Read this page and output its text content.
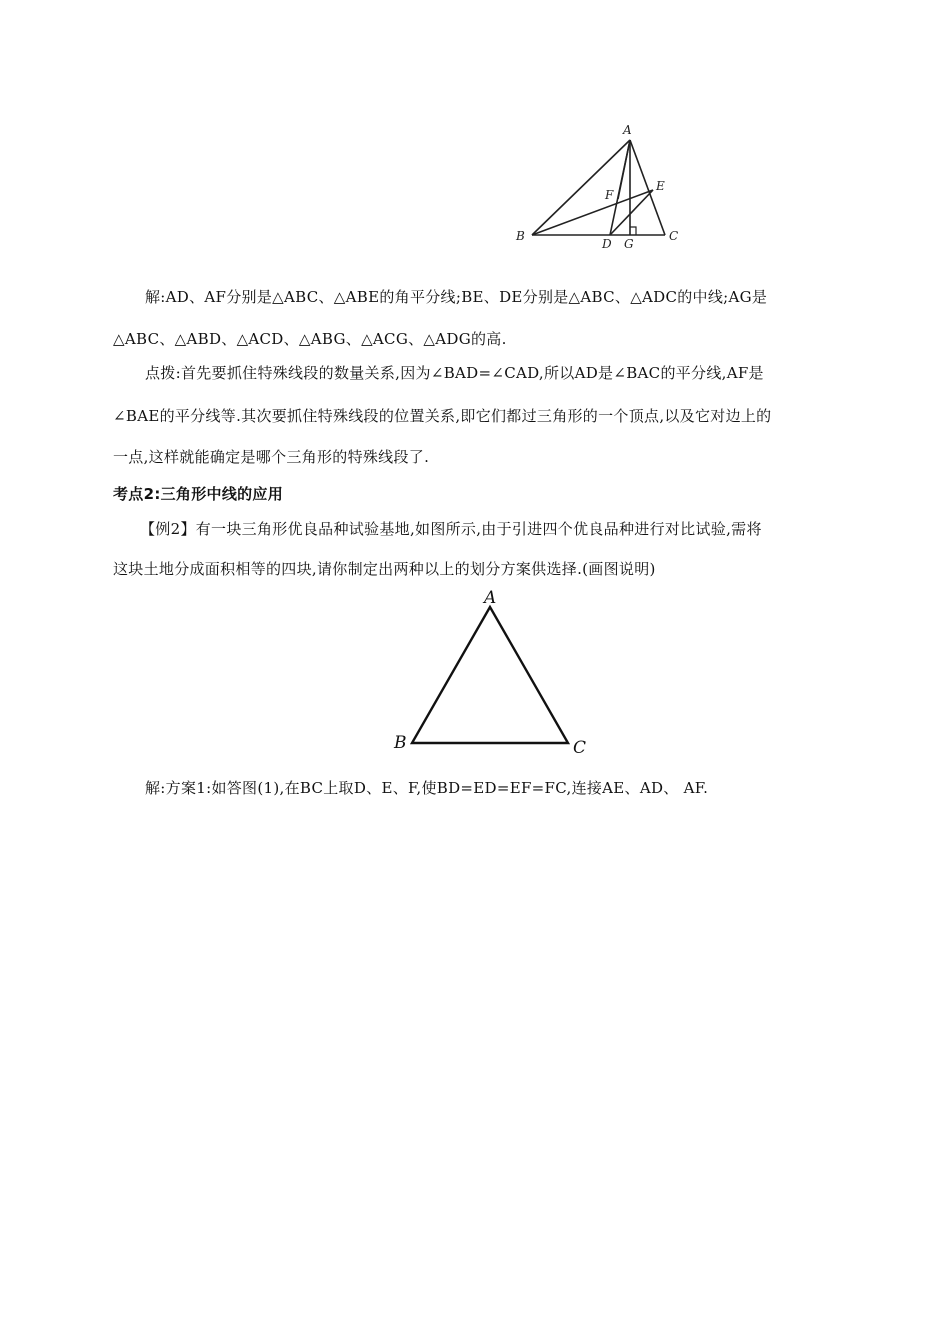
A
B	C
D
E
F
G
解:AD、AF分别是△ABC、△ABE的角平分线;BE、DE分别是△ABC、△ADC的中线;AG是
△ABC、△ABD、△ACD、△ABG、△ACG、△ADG的高.
点拨:首先要抓住特殊线段的数量关系,因为∠BAD=∠CAD,所以AD是∠BAC的平分线,AF是
∠BAE的平分线等.其次要抓住特殊线段的位置关系,即它们都过三角形的一个顶点,以及它对边上的
一点,这样就能确定是哪个三角形的特殊线段了.
考点2:三角形中线的应用
【例2】有一块三角形优良品种试验基地,如图所示,由于引进四个优良品种进行对比试验,需将
这块土地分成面积相等的四块,请你制定出两种以上的划分方案供选择.(画图说明)
A
B	C
解:方案1:如答图(1),在BC上取D、E、F,使BD=ED=EF=FC,连接AE、AD、 AF.
